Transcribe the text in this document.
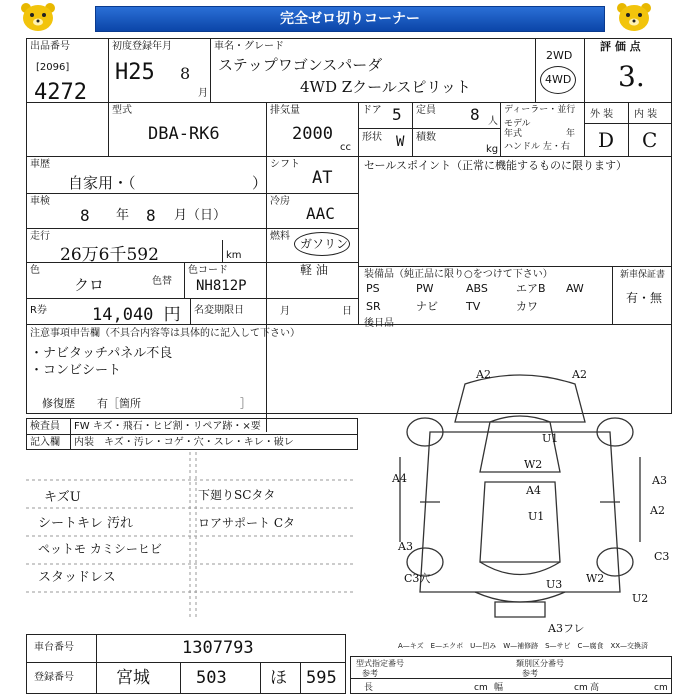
完全ゼロ切りコーナー
出品番号
[2096]
4272
初度登録年月
H25 8
月
車名・グレード
ステップワゴンスパーダ
4WD Zクールスピリット
2WD
4WD
評 価 点
3.
型式
DBA-RK6
排気量
2000
cc
ドア 5 定員 8 人
形状 W 積数
kg
ディーラー・並行
モデル
年式	年
ハンドル 左・右
外 装 内 装
D C
車歴
自家用・（	）
シフト
AT
車検
8 年 8 月（日）
冷房
AAC
走行
26万6千592	km
燃料
ガソリン
軽 油
色
クロ	色替
色コード
NH812P
R券	14,040 円 名変期限日	月	日
セールスポイント（正常に機能するものに限ります）
装備品（純正品に限り○をつけて下さい）	新車保証書
有・無
PS	PW	ABS	エアB AW
SR	ナビ	TV	カワ
注意事項申告欄（不具合内容等は具体的に記入して下さい）
・ナビタッチパネル不良
・コンビシート
修復歴　　有［箇所　　　　　　　　　］
後日品
検査員
記入欄
FW キズ・飛石・ヒビ割・リペア跡・×要
内装 キズ・汚レ・コゲ・穴・スレ・キレ・破レ
キズU
シートキレ 汚れ
ペットモ カミシーヒビ
スタッドレス
下廻りSCタタ
ロアサポート Cタ
A2	A2
U1
W2
A4
A4
U1
A3
A2
A3
C3
C3穴	U3 W2
U2
A3フレ
A—キズ　E—エクボ　U—凹み　W—補修跡　S—サビ　C—腐食　XX—交換済
車台番号	1307793
登録番号 宮城	503	ほ 595
型式指定番号
参考
類別区分番号
参考
長	cm 幅	cm 高	cm
